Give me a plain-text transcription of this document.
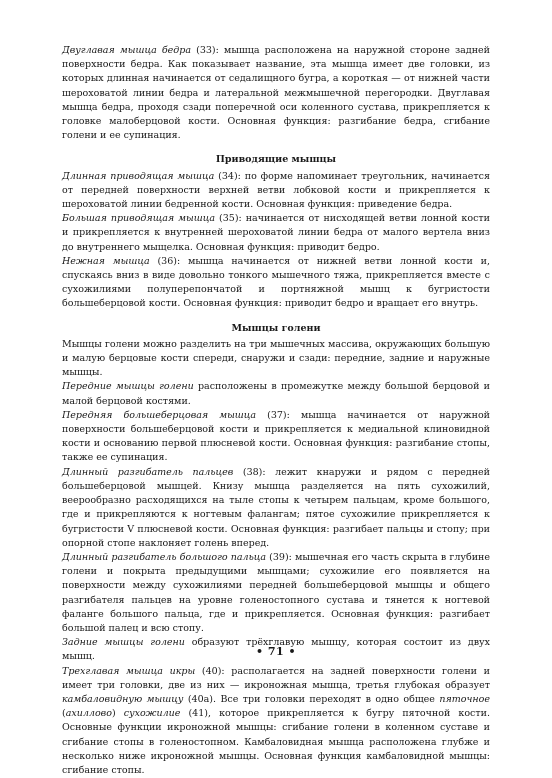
Двуглавая мышца бедра (33): мышца расположена на наружной стороне задней поверхности бедра. Как показывает название, эта мышца имеет две головки, из которых длинная начинается от седалищного бугра, а короткая — от нижней части шероховатой линии бедра и латеральной межмышечной перегородки. Двуглавая мышца бедра, проходя сзади поперечной оси коленного сустава, прикрепляется к головке малоберцовой кости. Основная функция: разгибание бедра, сгибание голени и ее супинация.

Приводящие мышцы

Длинная приводящая мышца (34): по форме напоминает треугольник, начинается от передней поверхности верхней ветви лобковой кости и прикрепляется к шероховатой линии бедренной кости. Основная функция: приведение бедра.

Большая приводящая мышца (35): начинается от нисходящей ветви лонной кости и прикрепляется к внутренней шероховатой линии бедра от малого вертела вниз до внутреннего мыщелка. Основная функция: приводит бедро.

Нежная мышца (36): мышца начинается от нижней ветви лонной кости и, спускаясь вниз в виде довольно тонкого мышечного тяжа, прикрепляется вместе с сухожилиями полуперепончатой и портняжной мышц к бугристости большеберцовой кости. Основная функция: приводит бедро и вращает его внутрь.

Мышцы голени

Мышцы голени можно разделить на три мышечных массива, окружающих большую и малую берцовые кости спереди, снаружи и сзади: передние, задние и наружные мышцы.

Передние мышцы голени расположены в промежутке между большой берцовой и малой берцовой костями.

Передняя большеберцовая мышца (37): мышца начинается от наружной поверхности большеберцовой кости и прикрепляется к медиальной клиновидной кости и основанию первой плюсневой кости. Основная функция: разгибание стопы, также ее супинация.

Длинный разгибатель пальцев (38): лежит кнаружи и рядом с передней большеберцовой мышцей. Книзу мышца разделяется на пять сухожилий, веерообразно расходящихся на тыле стопы к четырем пальцам, кроме большого, где и прикрепляются к ногтевым фалангам; пятое сухожилие прикрепляется к бугристости V плюсневой кости. Основная функция: разгибает пальцы и стопу; при опорной стопе наклоняет голень вперед.

Длинный разгибатель большого пальца (39): мышечная его часть скрыта в глубине голени и покрыта предыдущими мышцами; сухожилие его появляется на поверхности между сухожилиями передней большеберцовой мышцы и общего разгибателя пальцев на уровне голеностопного сустава и тянется к ногтевой фаланге большого пальца, где и прикрепляется. Основная функция: разгибает большой палец и всю стопу.

Задние мышцы голени образуют трёхглавую мышцу, которая состоит из двух мышц.

Трехглавая мышца икры (40): располагается на задней поверхности голени и имеет три головки, две из них — икроножная мышца, третья глубокая образует камбаловидную мышцу (40a). Все три головки переходят в одно общее пяточное (ахиллово) сухожилие (41), которое прикрепляется к бугру пяточной кости. Основные функции икроножной мышцы: сгибание голени в коленном суставе и сгибание стопы в голеностопном. Камбаловидная мышца расположена глубже и несколько ниже икроножной мышцы. Основная функция камбаловидной мышцы: сгибание стопы.

• 71 •
